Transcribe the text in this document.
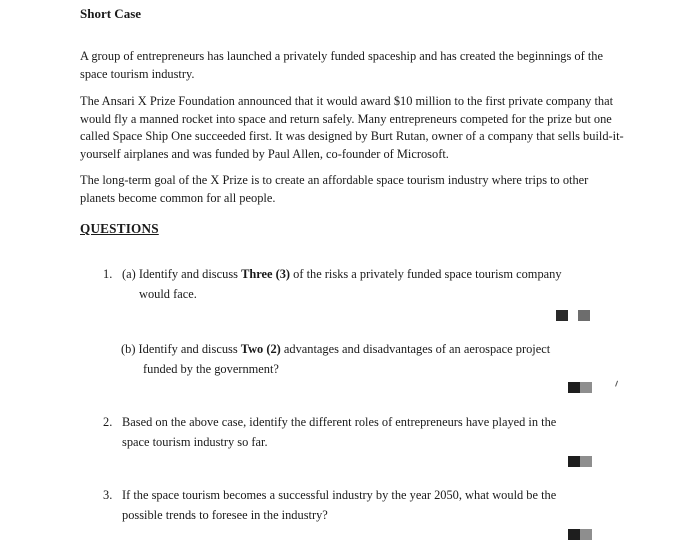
Short Case

A group of entrepreneurs has launched a privately funded spaceship and has created the beginnings of the space tourism industry.

The Ansari X Prize Foundation announced that it would award $10 million to the first private company that would fly a manned rocket into space and return safely. Many entrepreneurs competed for the prize but one called Space Ship One succeeded first. It was designed by Burt Rutan, owner of a company that sells build-it-yourself airplanes and was funded by Paul Allen, co-founder of Microsoft.

The long-term goal of the X Prize is to create an affordable space tourism industry where trips to other planets become common for all people.

QUESTIONS

1. (a) Identify and discuss Three (3) of the risks a privately funded space tourism company
would face.
(b) Identify and discuss Two (2) advantages and disadvantages of an aerospace project
funded by the government?
2. Based on the above case, identify the different roles of entrepreneurs have played in the
space tourism industry so far.
3. If the space tourism becomes a successful industry by the year 2050, what would be the
possible trends to foresee in the industry?
